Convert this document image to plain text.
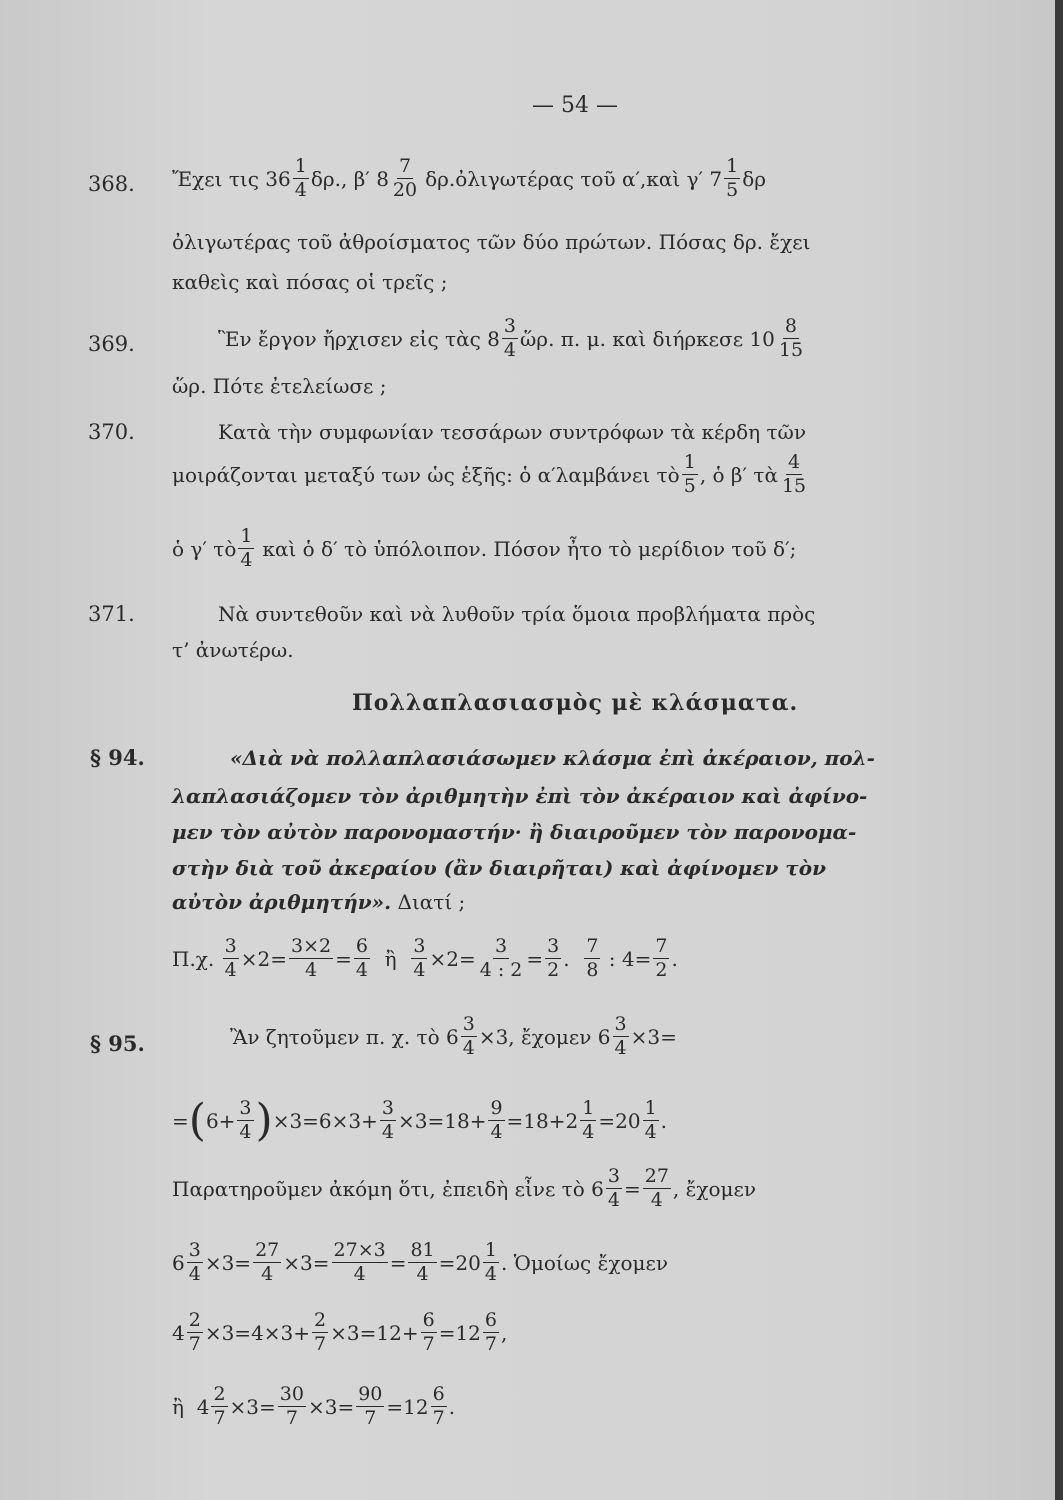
— 54 —
368. Ἔχει τις $36 \frac{1}{4} \delta\rho$., β′ $8 \frac{7}{20}$ δρ.ὀλιγωτέρας τοῦ α′,καὶ γ′ $7 \frac{1}{5}$ δρ
ὀλιγωτέρας τοῦ ἀθροίσματος τῶν δύο πρώτων. Πόσας δρ. ἔχει
καθεὶς καὶ πόσας οἱ τρεῖς ;
369.	Ἓν ἔργον ἤρχισεν εἰς τὰς $8 \frac{3}{4}$ ὥρ. π. μ. καὶ διήρκεσε $10 \frac{8}{15}$
ὥρ. Πότε ἐτελείωσε ;
370.	Κατὰ τὴν συμφωνίαν τεσσάρων συντρόφων τὰ κέρδη τῶν
μοιράζονται μεταξύ των ὡς ἑξῆς: ὁ α′λαμβάνει τὸ $\frac{1}{5}$ , ὁ β′ τὰ $\frac{4}{15}$
ὁ γ′ τὸ $\frac{1}{4}$ καὶ ὁ δ′ τὸ ὑπόλοιπον. Πόσον ἦτο τὸ μερίδιον τοῦ δ′;
371.	Νὰ συντεθοῦν καὶ νὰ λυθοῦν τρία ὅμοια προβλήματα πρὸς
τ’ ἀνωτέρω.
Πολλαπλασιασμὸς μὲ κλάσματα.
§ 94.	«Διὰ νὰ πολλαπλασιάσωμεν κλάσμα ἐπὶ ἀκέραιον, πολ-
λαπλασιάζομεν τὸν ἀριθμητὴν ἐπὶ τὸν ἀκέραιον καὶ ἀφίνο-
μεν τὸν αὐτὸν παρονομαστήν· ἢ διαιροῦμεν τὸν παρονομα-
στὴν διὰ τοῦ ἀκεραίου (ἂν διαιρῆται) καὶ ἀφίνομεν τὸν
αὐτὸν ἀριθμητήν». Διατί ;
Π.χ.
$\frac{3}{4} \times 2= \frac{3\times 2}{4} = \frac{6}{4}$
ἢ
$\frac{3}{4} \times 2= \frac{3}{4 : 2} = \frac{3}{2}$ .

7
8 : $4= \frac{7}{2}$ .
§ 95.	Ἂν ζητοῦμεν π. χ. τὸ $6 \frac{3}{4} \times 3$, ἔχομεν $6 \frac{3}{4} \times 3=$
= ( $6+ \frac{3}{4}$ ) $\times 3=6\times 3+ \frac{3}{4} \times 3=18+ \frac{9}{4} =18+2 \frac{1}{4} =20$
1
4 .
Παρατηροῦμεν ἀκόμη ὅτι, ἐπειδὴ εἶνε τὸ $6 \frac{3}{4} = \frac{27}{4}$ , ἔχομεν
$6 \frac{3}{4} \times 3= \frac{27}{4} \times 3= \frac{27\times 3}{4} = \frac{81}{4} =20$
1
4 . Ὁμοίως ἔχομεν
$4 \frac{2}{7} \times 3=4\times 3+ \frac{2}{7} \times 3=12+ \frac{6}{7} =12$
6
7 ,
ἢ
$4 \frac{2}{7} \times 3= \frac{30}{7} \times 3= \frac{90}{7} =12$
6
7 .
